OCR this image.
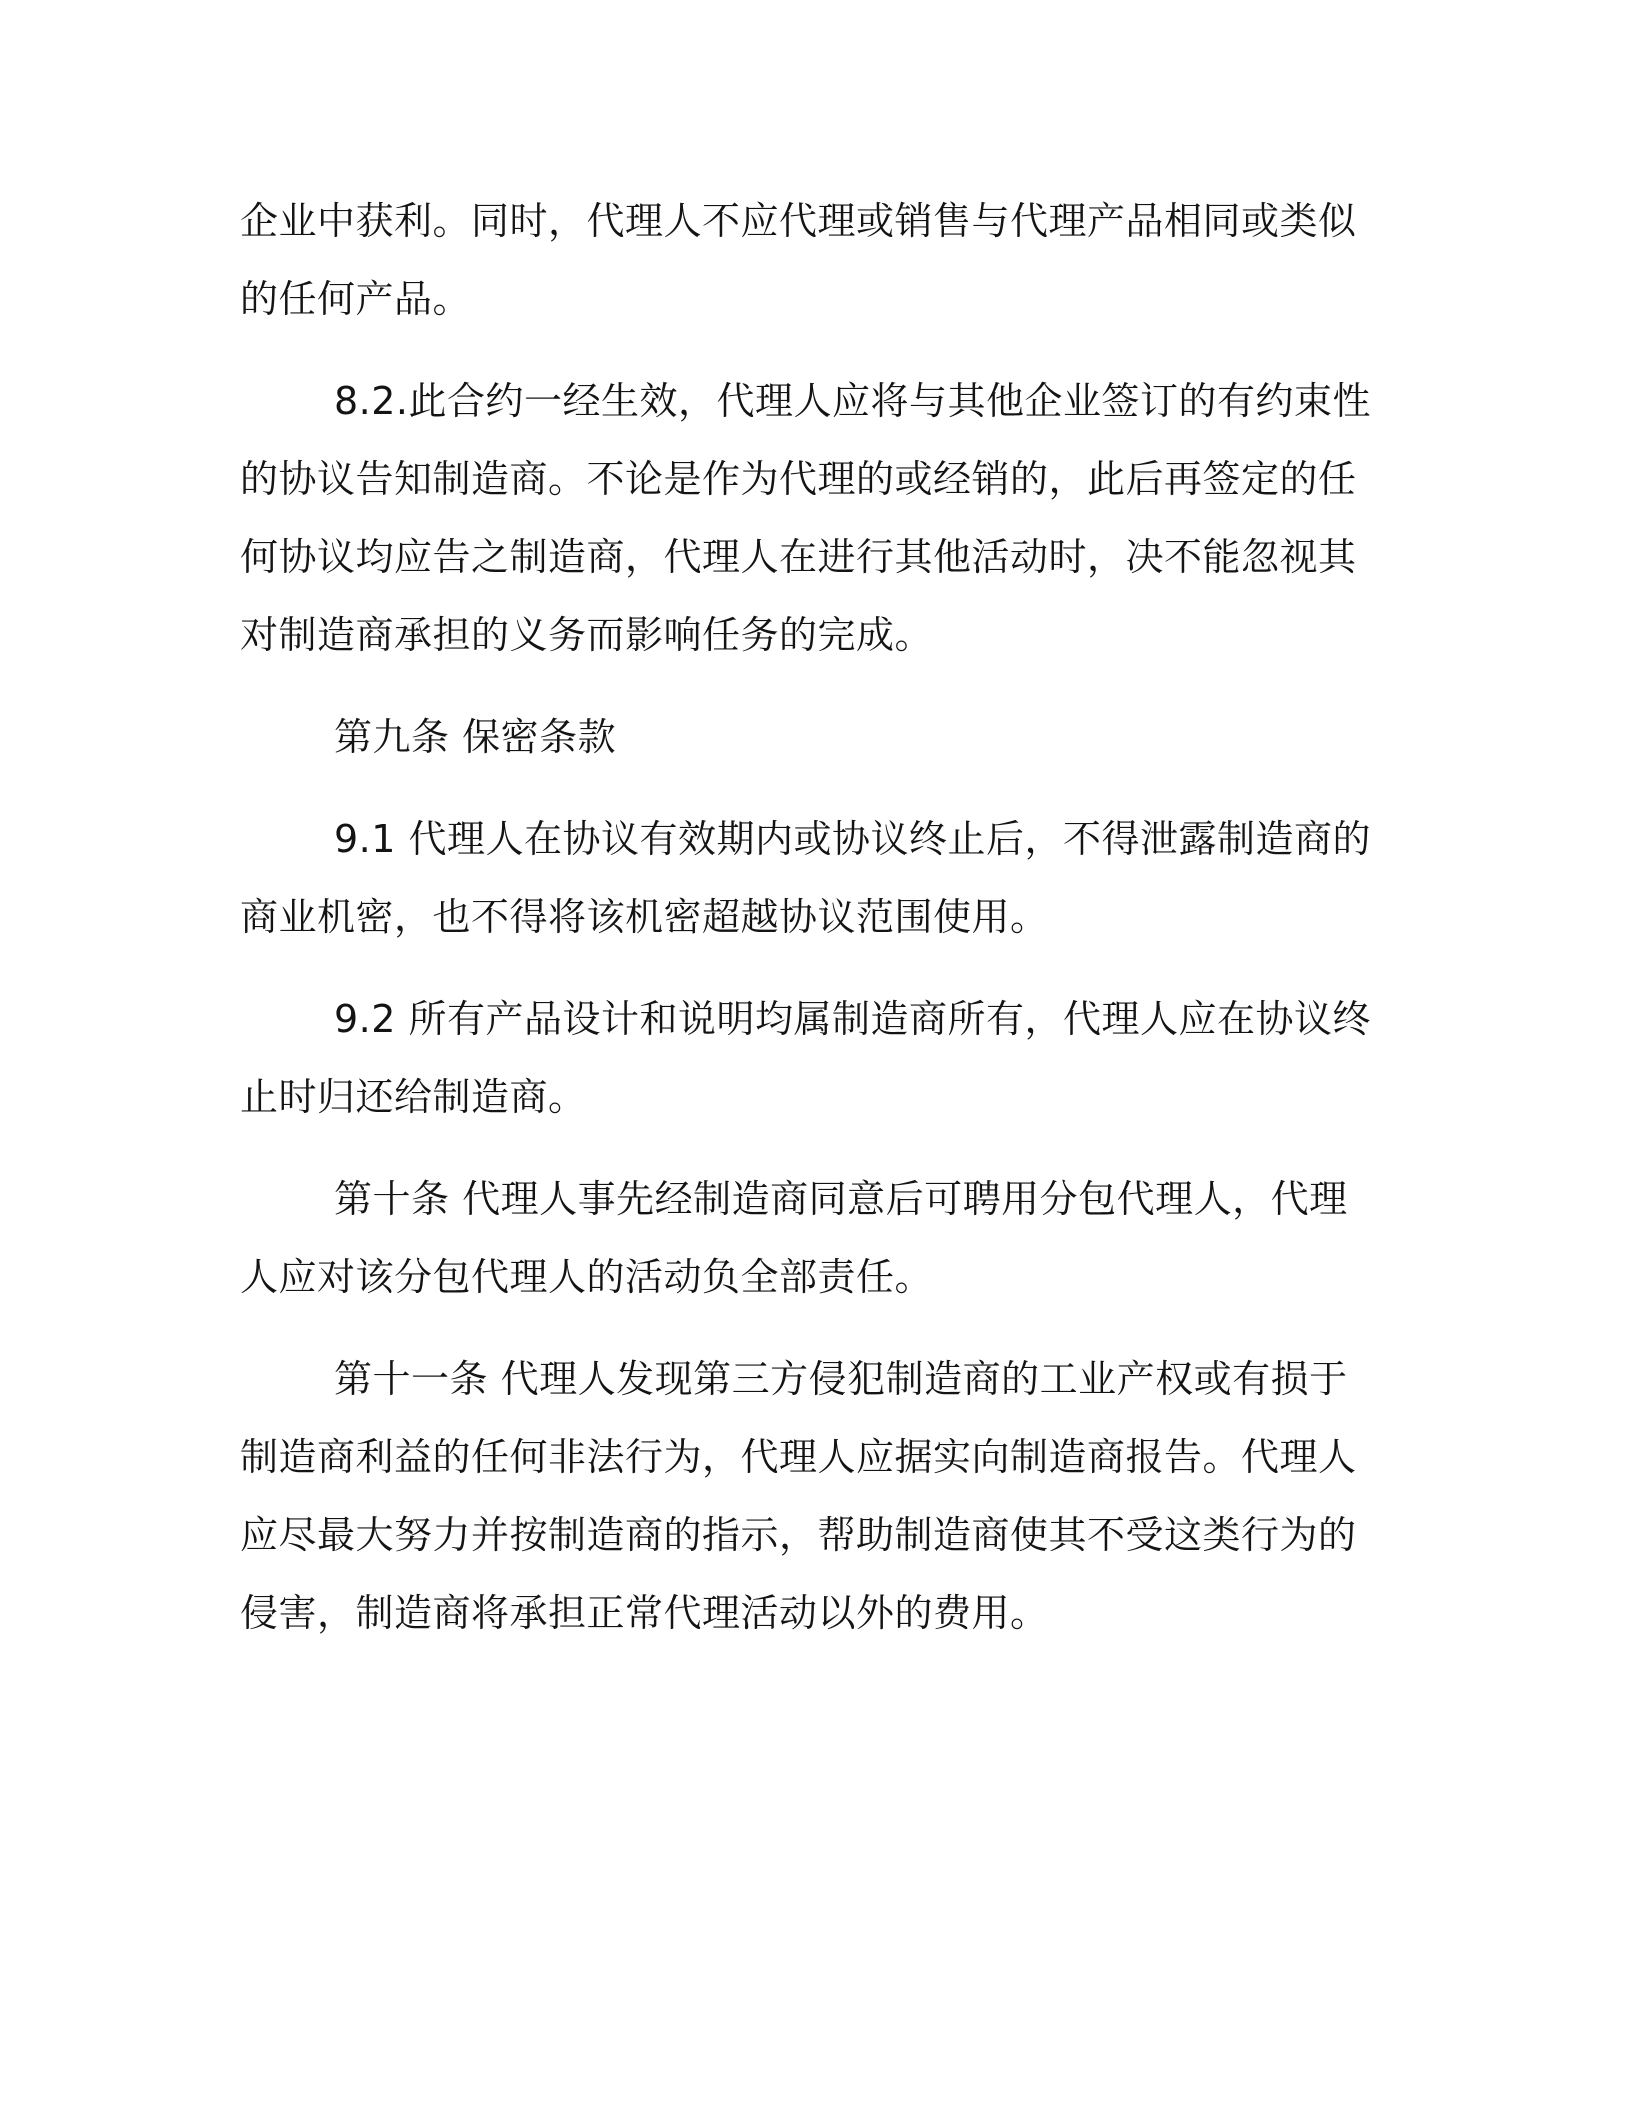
企业中获利。同时，代理人不应代理或销售与代理产品相同或类似的任何产品。

8.2.此合约一经生效，代理人应将与其他企业签订的有约束性的协议告知制造商。不论是作为代理的或经销的，此后再签定的任何协议均应告之制造商，代理人在进行其他活动时，决不能忽视其对制造商承担的义务而影响任务的完成。

第九条 保密条款

9.1 代理人在协议有效期内或协议终止后，不得泄露制造商的商业机密，也不得将该机密超越协议范围使用。

9.2 所有产品设计和说明均属制造商所有，代理人应在协议终止时归还给制造商。

第十条 代理人事先经制造商同意后可聘用分包代理人，代理人应对该分包代理人的活动负全部责任。

第十一条 代理人发现第三方侵犯制造商的工业产权或有损于制造商利益的任何非法行为，代理人应据实向制造商报告。代理人应尽最大努力并按制造商的指示，帮助制造商使其不受这类行为的侵害，制造商将承担正常代理活动以外的费用。
